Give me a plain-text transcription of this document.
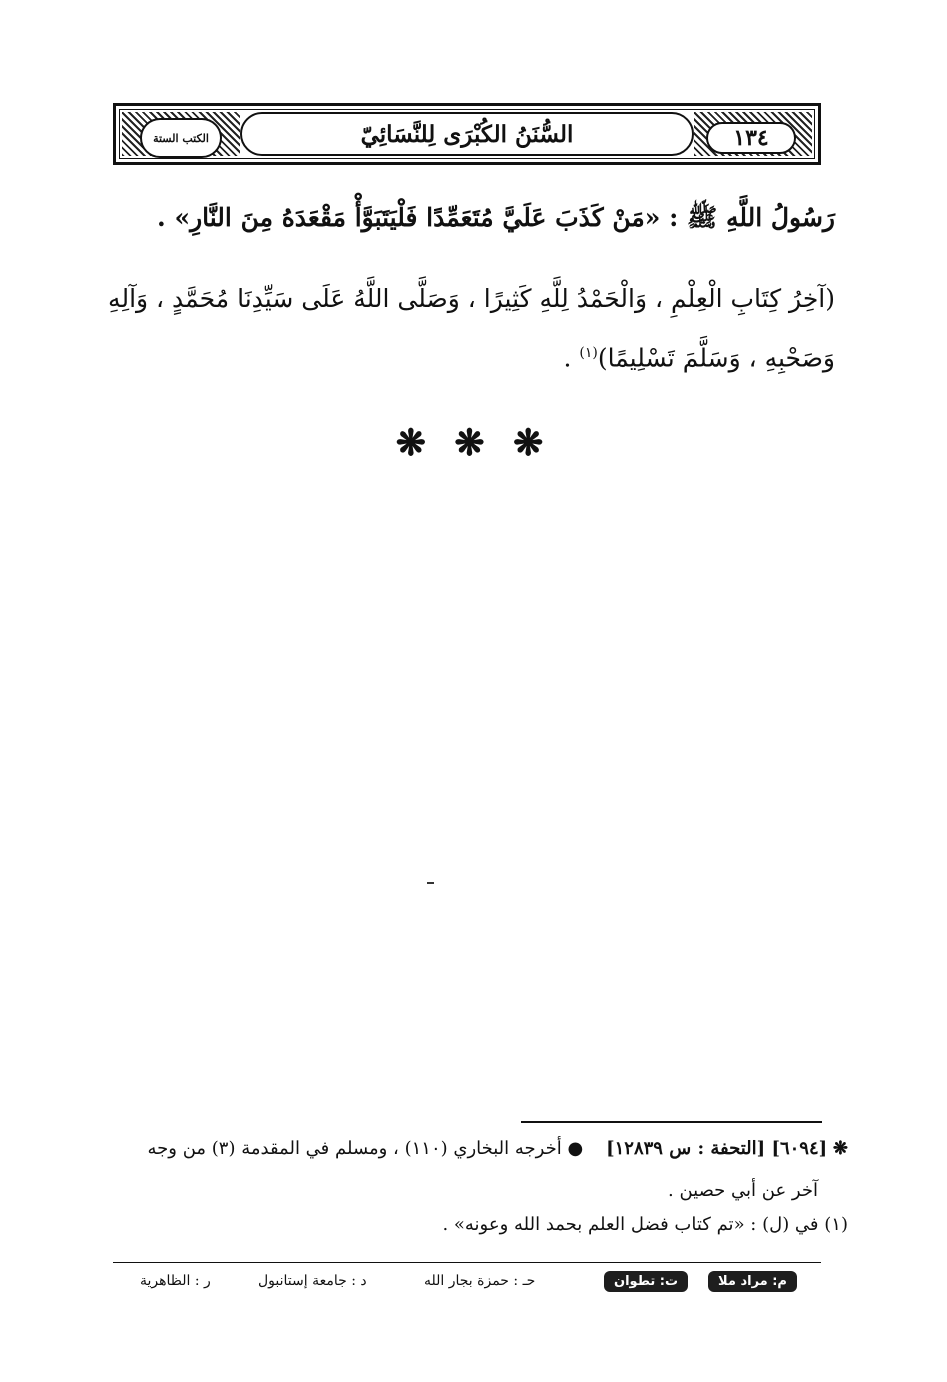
الكتب الستة	السُّنَنُ الكُبْرَى لِلنَّسَائِيّ	١٣٤
رَسُولُ اللَّهِ ﷺ : «مَنْ كَذَبَ عَلَيَّ مُتَعَمِّدًا فَلْيَتَبَوَّأْ مَقْعَدَهُ مِنَ النَّارِ» .
(آخِرُ كِتَابِ الْعِلْمِ ، وَالْحَمْدُ لِلَّهِ كَثِيرًا ، وَصَلَّى اللَّهُ عَلَى سَيِّدِنَا مُحَمَّدٍ ، وَآلِهِ
وَصَحْبِهِ ، وَسَلَّمَ تَسْلِيمًا)$^{(١)}$ .
❋ ❋ ❋
❋ [٦٠٩٤] [التحفة : س ١٢٨٣٩]    ● أخرجه البخاري (١١٠) ، ومسلم في المقدمة (٣) من وجه
آخر عن أبي حصين .
(١) في (ل) : «تم كتاب فضل العلم بحمد الله وعونه» .
م: مراد ملا
ت: تطوان
حـ : حمزة بجار الله
د : جامعة إستانبول
ر : الظاهرية
